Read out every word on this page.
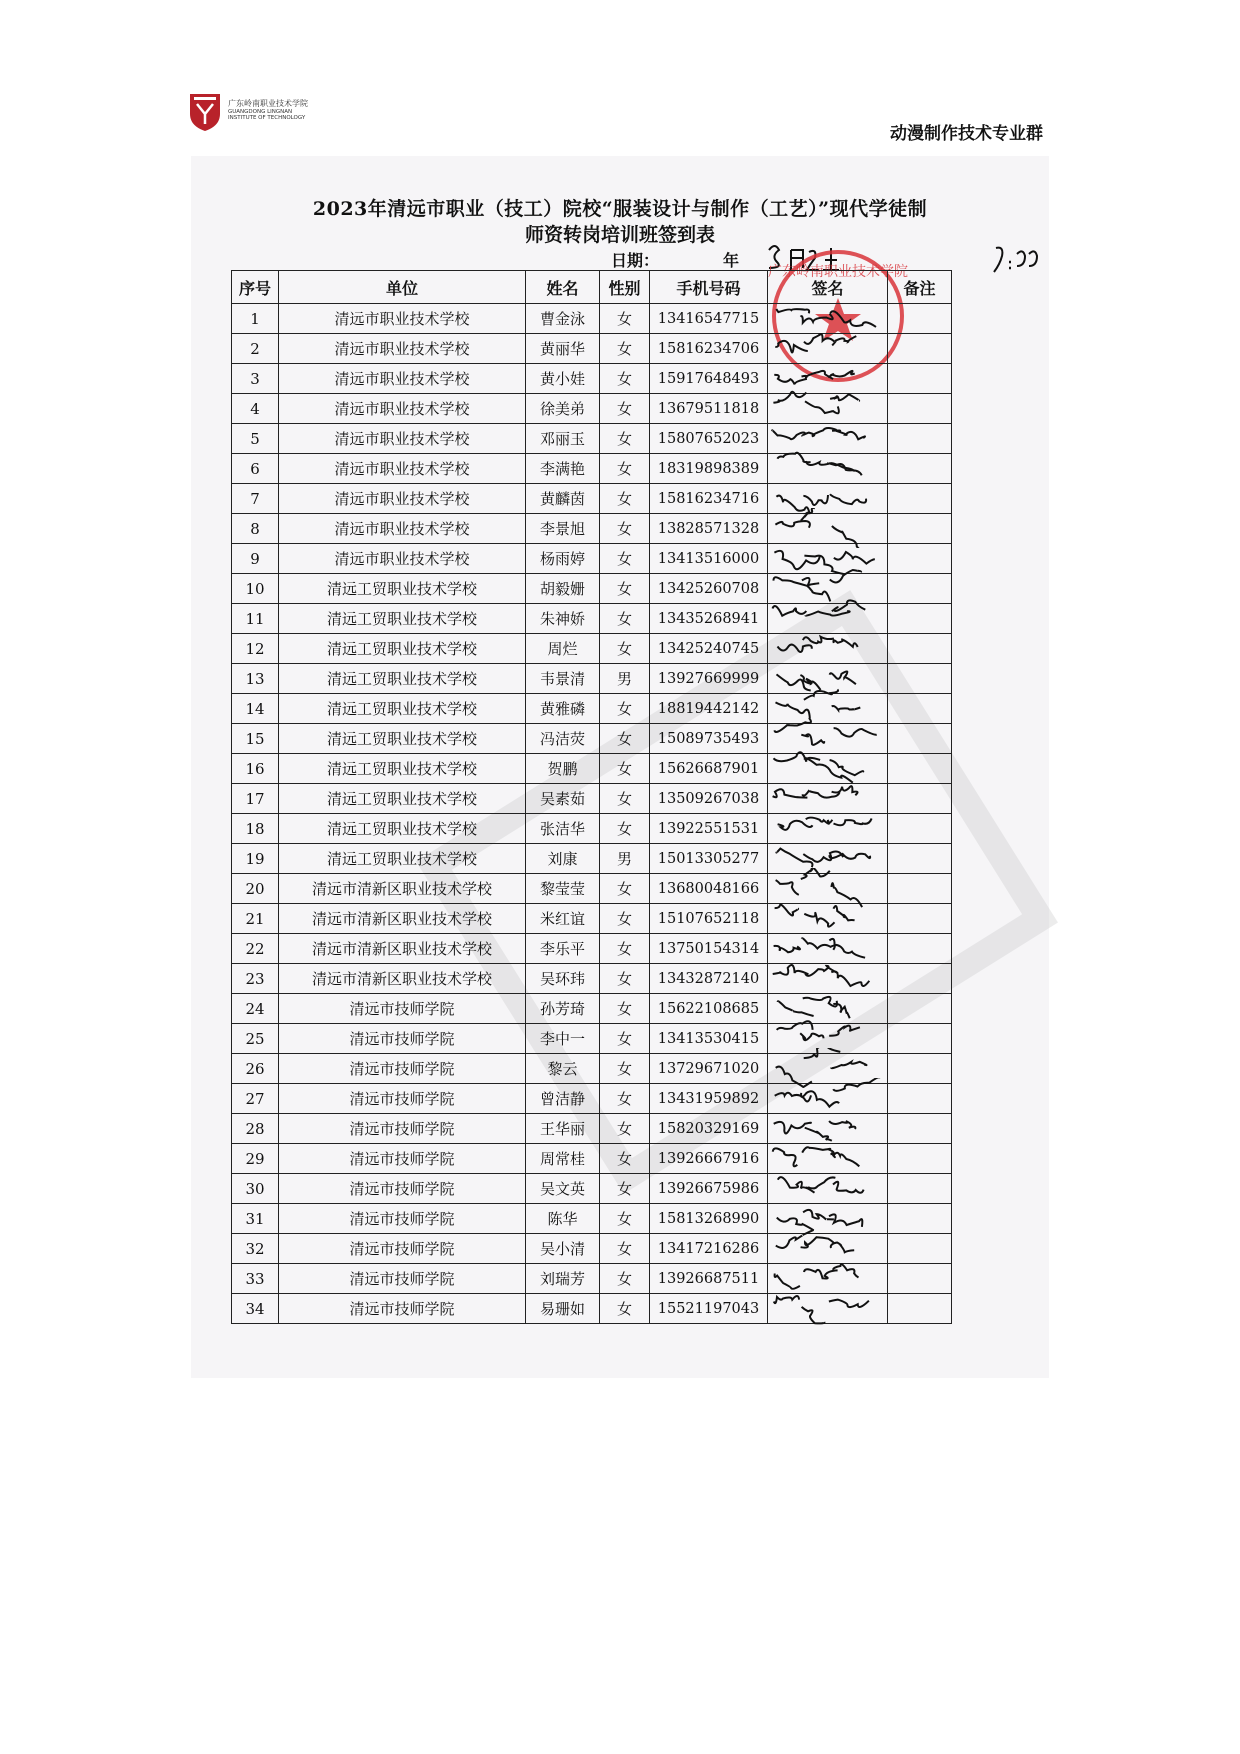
广东岭南职业技术学院
GUANGDONG LINGNAN
INSTITUTE OF TECHNOLOGY
动漫制作技术专业群
2023年清远市职业（技工）院校“服装设计与制作（工艺）”现代学徒制
师资转岗培训班签到表
日期：	年
广东岭南职业技术学院
序号	单位	姓名	性别	手机号码	签名	备注
1	清远市职业技术学校	曹金泳	女	13416547715	

2	清远市职业技术学校	黄丽华	女	15816234706	

3	清远市职业技术学校	黄小娃	女	15917648493	

4	清远市职业技术学校	徐美弟	女	13679511818	

5	清远市职业技术学校	邓丽玉	女	15807652023	

6	清远市职业技术学校	李满艳	女	18319898389	

7	清远市职业技术学校	黄麟茵	女	15816234716	

8	清远市职业技术学校	李景旭	女	13828571328	

9	清远市职业技术学校	杨雨婷	女	13413516000	

10	清远工贸职业技术学校	胡毅姗	女	13425260708	

11	清远工贸职业技术学校	朱神娇	女	13435268941	

12	清远工贸职业技术学校	周烂	女	13425240745	

13	清远工贸职业技术学校	韦景清	男	13927669999	

14	清远工贸职业技术学校	黄雅磷	女	18819442142	

15	清远工贸职业技术学校	冯洁荧	女	15089735493	

16	清远工贸职业技术学校	贺鹏	女	15626687901	

17	清远工贸职业技术学校	吴素茹	女	13509267038	

18	清远工贸职业技术学校	张洁华	女	13922551531	

19	清远工贸职业技术学校	刘康	男	15013305277	

20	清远市清新区职业技术学校	黎莹莹	女	13680048166	

21	清远市清新区职业技术学校	米红谊	女	15107652118	

22	清远市清新区职业技术学校	李乐平	女	13750154314	

23	清远市清新区职业技术学校	吴环玮	女	13432872140	

24	清远市技师学院	孙芳琦	女	15622108685	

25	清远市技师学院	李中一	女	13413530415	

26	清远市技师学院	黎云	女	13729671020	

27	清远市技师学院	曾洁静	女	13431959892	

28	清远市技师学院	王华丽	女	15820329169	

29	清远市技师学院	周常桂	女	13926667916	

30	清远市技师学院	吴文英	女	13926675986	

31	清远市技师学院	陈华	女	15813268990	

32	清远市技师学院	吴小清	女	13417216286	

33	清远市技师学院	刘瑞芳	女	13926687511	

34	清远市技师学院	易珊如	女	15521197043	
